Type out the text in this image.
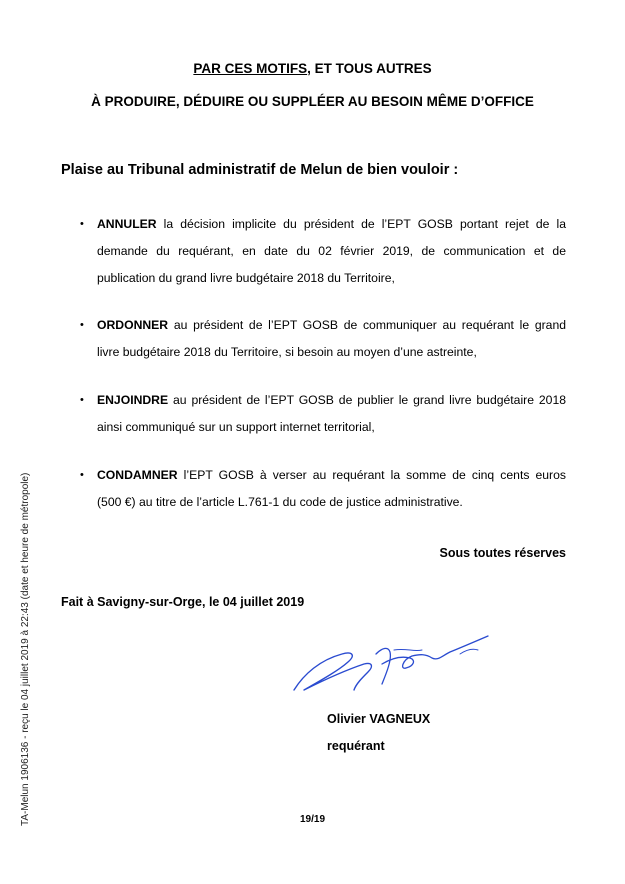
PAR CES MOTIFS, ET TOUS AUTRES
À PRODUIRE, DÉDUIRE OU SUPPLÉER AU BESOIN MÊME D’OFFICE
Plaise au Tribunal administratif de Melun de bien vouloir :
• ANNULER la décision implicite du président de l’EPT GOSB portant rejet de la
demande du requérant, en date du 02 février 2019, de communication et de
publication du grand livre budgétaire 2018 du Territoire,
• ORDONNER au président de l’EPT GOSB de communiquer au requérant le grand
livre budgétaire 2018 du Territoire, si besoin au moyen d’une astreinte,
• ENJOINDRE au président de l’EPT GOSB de publier le grand livre budgétaire 2018
ainsi communiqué sur un support internet territorial,
• CONDAMNER l’EPT GOSB à verser au requérant la somme de cinq cents euros
(500 €) au titre de l’article L.761-1 du code de justice administrative.
Sous toutes réserves
Fait à Savigny-sur-Orge, le 04 juillet 2019
Olivier VAGNEUX
requérant
19/19
TA-Melun 1906136 - reçu le 04 juillet 2019 à 22:43 (date et heure de métropole)
